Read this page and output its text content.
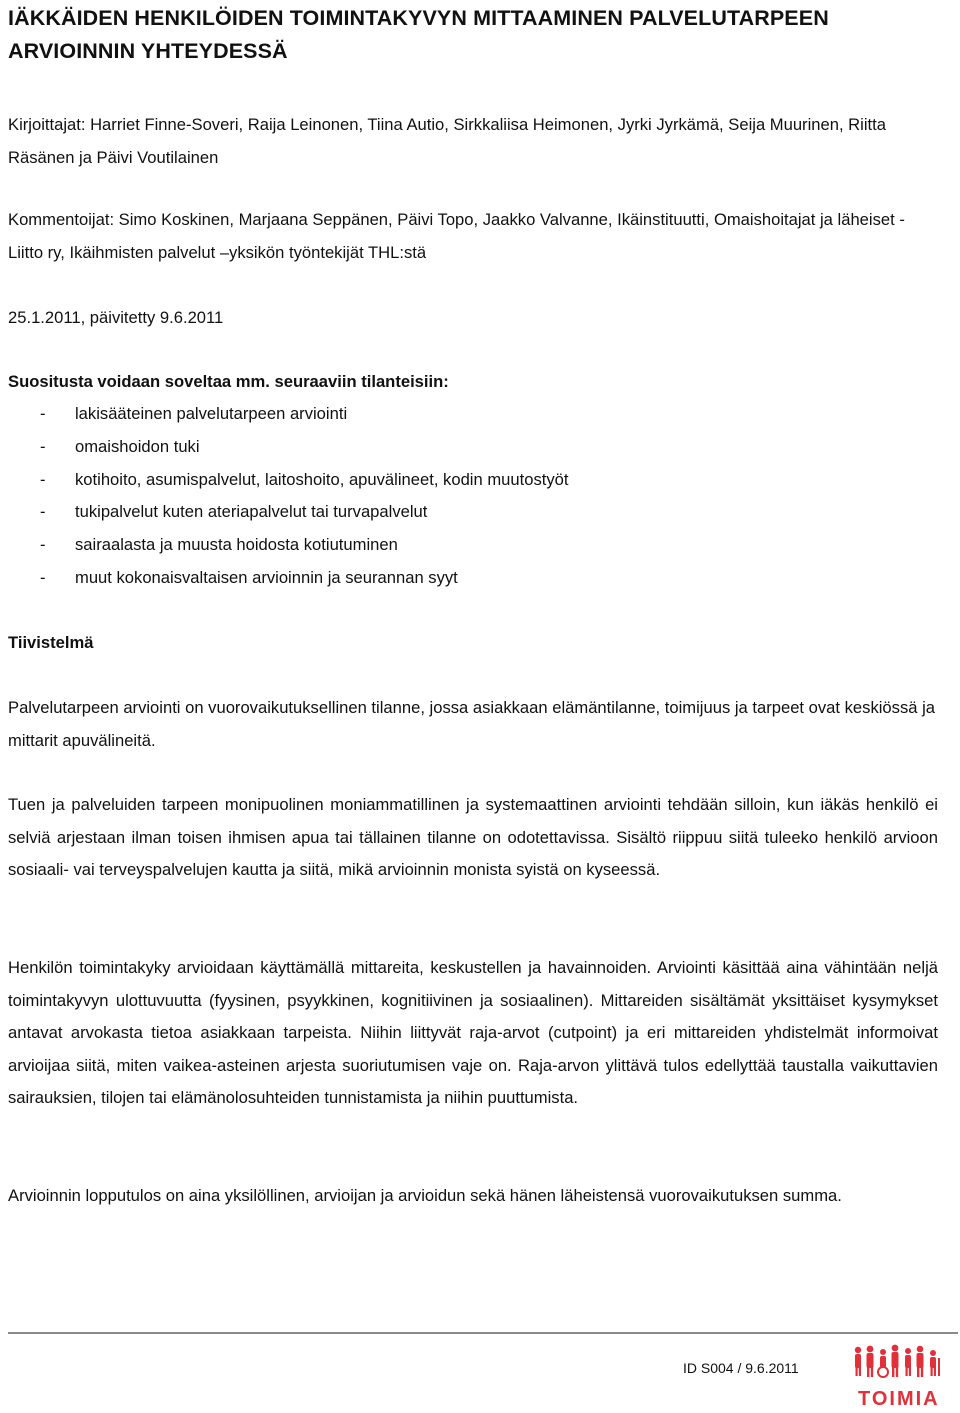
IÄKKÄIDEN HENKILÖIDEN TOIMINTAKYVYN MITTAAMINEN PALVELUTARPEEN ARVIOINNIN YHTEYDESSÄ

Kirjoittajat: Harriet Finne-Soveri, Raija Leinonen, Tiina Autio, Sirkkaliisa Heimonen, Jyrki Jyrkämä, Seija Muurinen, Riitta Räsänen ja Päivi Voutilainen

Kommentoijat: Simo Koskinen, Marjaana Seppänen, Päivi Topo, Jaakko Valvanne, Ikäinstituutti, Omaishoitajat ja läheiset -Liitto ry, Ikäihmisten palvelut –yksikön työntekijät THL:stä

25.1.2011, päivitetty 9.6.2011

Suositusta voidaan soveltaa mm. seuraaviin tilanteisiin:

- lakisääteinen palvelutarpeen arviointi
- omaishoidon tuki
- kotihoito, asumispalvelut, laitoshoito, apuvälineet, kodin muutostyöt
- tukipalvelut kuten ateriapalvelut tai turvapalvelut
- sairaalasta ja muusta hoidosta kotiutuminen
- muut kokonaisvaltaisen arvioinnin ja seurannan syyt

Tiivistelmä

Palvelutarpeen arviointi on vuorovaikutuksellinen tilanne, jossa asiakkaan elämäntilanne, toimijuus ja tarpeet ovat keskiössä ja mittarit apuvälineitä.

Tuen ja palveluiden tarpeen monipuolinen moniammatillinen ja systemaattinen arviointi tehdään silloin, kun iäkäs henkilö ei selviä arjestaan ilman toisen ihmisen apua tai tällainen tilanne on odotettavissa. Sisältö riippuu siitä tuleeko henkilö arvioon sosiaali- vai terveyspalvelujen kautta ja siitä, mikä arvioinnin monista syistä on kyseessä.

Henkilön toimintakyky arvioidaan käyttämällä mittareita, keskustellen ja havainnoiden. Arviointi käsittää aina vähintään neljä toimintakyvyn ulottuvuutta (fyysinen, psyykkinen, kognitiivinen ja sosiaalinen). Mittareiden sisältämät yksittäiset kysymykset antavat arvokasta tietoa asiakkaan tarpeista. Niihin liittyvät raja-arvot (cutpoint) ja eri mittareiden yhdistelmät informoivat arvioijaa siitä, miten vaikea-asteinen arjesta suoriutumisen vaje on. Raja-arvon ylittävä tulos edellyttää taustalla vaikuttavien sairauksien, tilojen tai elämänolosuhteiden tunnistamista ja niihin puuttumista.

Arvioinnin lopputulos on aina yksilöllinen, arvioijan ja arvioidun sekä hänen läheistensä vuorovaikutuksen summa.

ID S004 / 9.6.2011
TOIMIA
